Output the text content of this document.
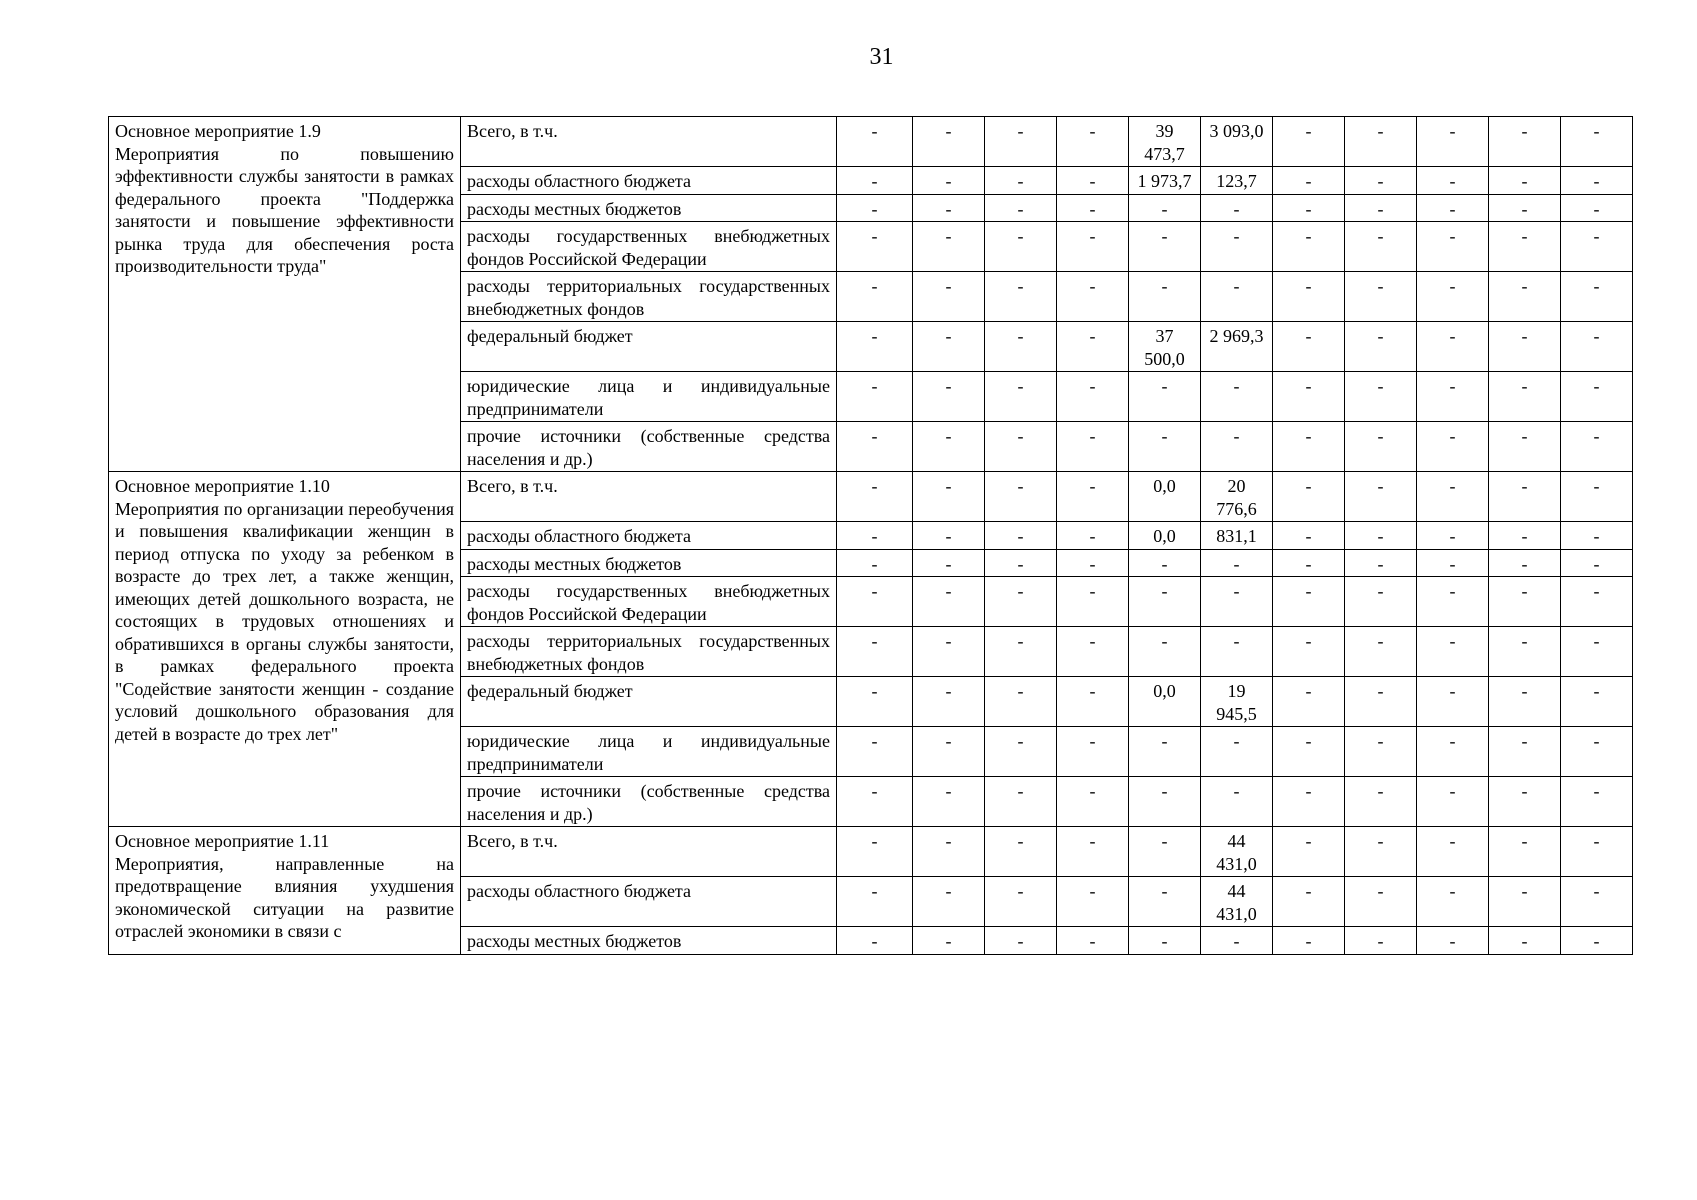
31
Основное мероприятие 1.9
Мероприятия по повышению эффективности службы занятости в рамках федерального проекта "Поддержка занятости и повышение эффективности рынка труда для обеспечения роста производительности труда"	Всего, в т.ч.	-	-	-	-	39 473,7	3 093,0	-	-	-	-	-
	расходы областного бюджета	-	-	-	-	1 973,7	123,7	-	-	-	-	-
	расходы местных бюджетов	-	-	-	-	-	-	-	-	-	-	-
	расходы государственных внебюджетных фондов Российской Федерации	-	-	-	-	-	-	-	-	-	-	-
	расходы территориальных государственных внебюджетных фондов	-	-	-	-	-	-	-	-	-	-	-
	федеральный бюджет	-	-	-	-	37 500,0	2 969,3	-	-	-	-	-
	юридические лица и индивидуальные предприниматели	-	-	-	-	-	-	-	-	-	-	-
	прочие источники (собственные средства населения и др.)	-	-	-	-	-	-	-	-	-	-	-

Основное мероприятие 1.10
Мероприятия по организации переобучения и повышения квалификации женщин в период отпуска по уходу за ребенком в возрасте до трех лет, а также женщин, имеющих детей дошкольного возраста, не состоящих в трудовых отношениях и обратившихся в органы службы занятости, в рамках федерального проекта "Содействие занятости женщин - создание условий дошкольного образования для детей в возрасте до трех лет"	Всего, в т.ч.	-	-	-	-	0,0	20 776,6	-	-	-	-	-
	расходы областного бюджета	-	-	-	-	0,0	831,1	-	-	-	-	-
	расходы местных бюджетов	-	-	-	-	-	-	-	-	-	-	-
	расходы государственных внебюджетных фондов Российской Федерации	-	-	-	-	-	-	-	-	-	-	-
	расходы территориальных государственных внебюджетных фондов	-	-	-	-	-	-	-	-	-	-	-
	федеральный бюджет	-	-	-	-	0,0	19 945,5	-	-	-	-	-
	юридические лица и индивидуальные предприниматели	-	-	-	-	-	-	-	-	-	-	-
	прочие источники (собственные средства населения и др.)	-	-	-	-	-	-	-	-	-	-	-

Основное мероприятие 1.11
Мероприятия, направленные на предотвращение влияния ухудшения экономической ситуации на развитие отраслей экономики в связи с	Всего, в т.ч.	-	-	-	-	-	44 431,0	-	-	-	-	-
	расходы областного бюджета	-	-	-	-	-	44 431,0	-	-	-	-	-
	расходы местных бюджетов	-	-	-	-	-	-	-	-	-	-	-
